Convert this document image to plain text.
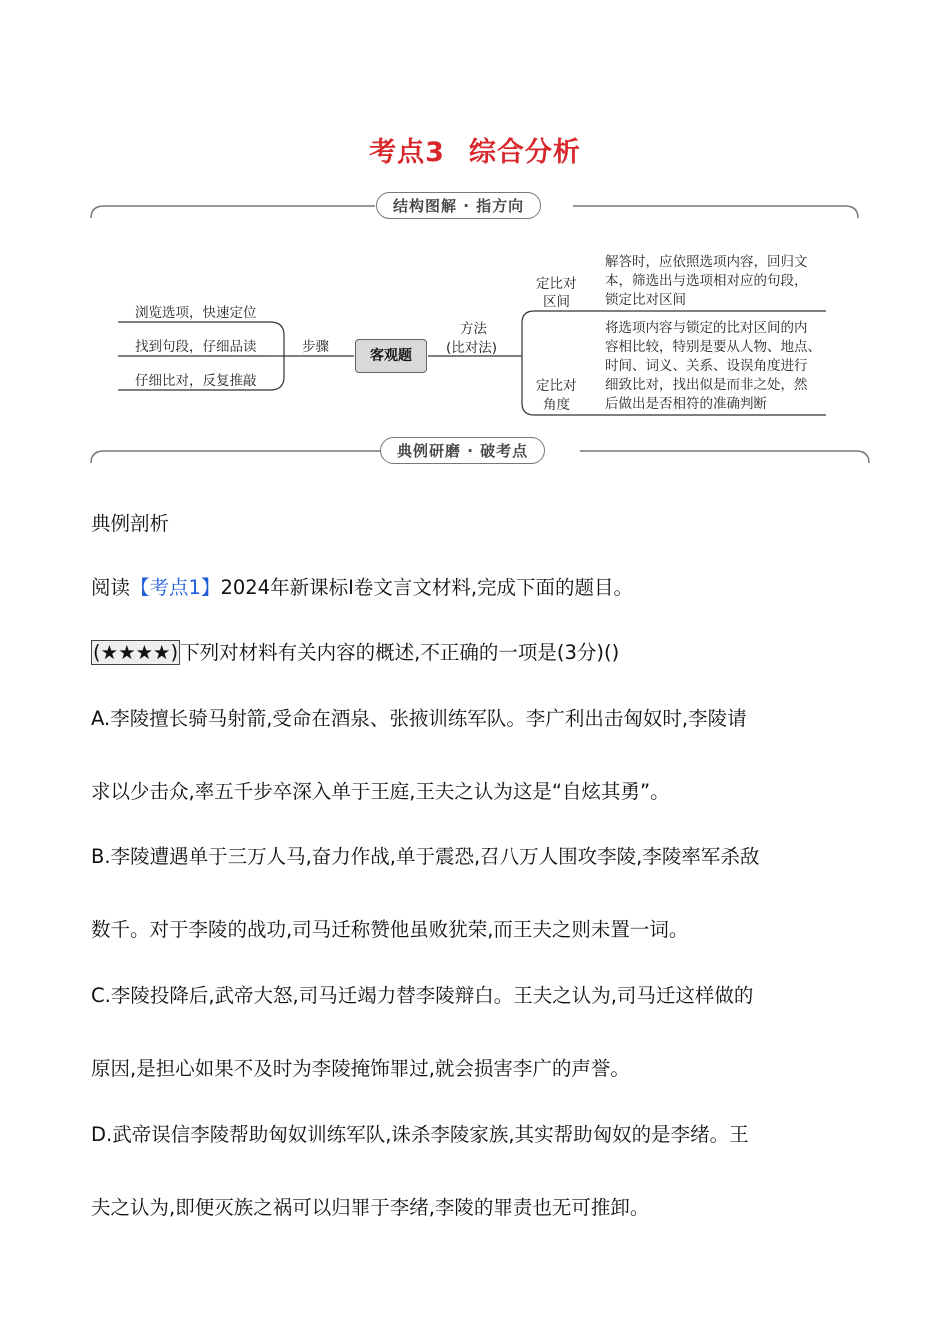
考点3 综合分析
结构图解 · 指方向
浏览选项，快速定位
找到句段，仔细品读
仔细比对，反复推敲
步骤
客观题
方法
(比对法)
定比对
区间
解答时，应依照选项内容，回归文
本，筛选出与选项相对应的句段，
锁定比对区间
定比对
角度
将选项内容与锁定的比对区间的内
容相比较，特别是要从人物、地点、
时间、词义、关系、设误角度进行
细致比对，找出似是而非之处，然
后做出是否相符的准确判断
典例研磨 · 破考点
典例剖析
阅读【考点1】2024年新课标Ⅰ卷文言文材料,完成下面的题目。
(★★★★) 下列对材料有关内容的概述,不正确的一项是(3分)()
A.李陵擅长骑马射箭,受命在酒泉、张掖训练军队。李广利出击匈奴时,李陵请
求以少击众,率五千步卒深入单于王庭,王夫之认为这是“自炫其勇”。
B.李陵遭遇单于三万人马,奋力作战,单于震恐,召八万人围攻李陵,李陵率军杀敌
数千。对于李陵的战功,司马迁称赞他虽败犹荣,而王夫之则未置一词。
C.李陵投降后,武帝大怒,司马迁竭力替李陵辩白。王夫之认为,司马迁这样做的
原因,是担心如果不及时为李陵掩饰罪过,就会损害李广的声誉。
D.武帝误信李陵帮助匈奴训练军队,诛杀李陵家族,其实帮助匈奴的是李绪。王
夫之认为,即便灭族之祸可以归罪于李绪,李陵的罪责也无可推卸。
